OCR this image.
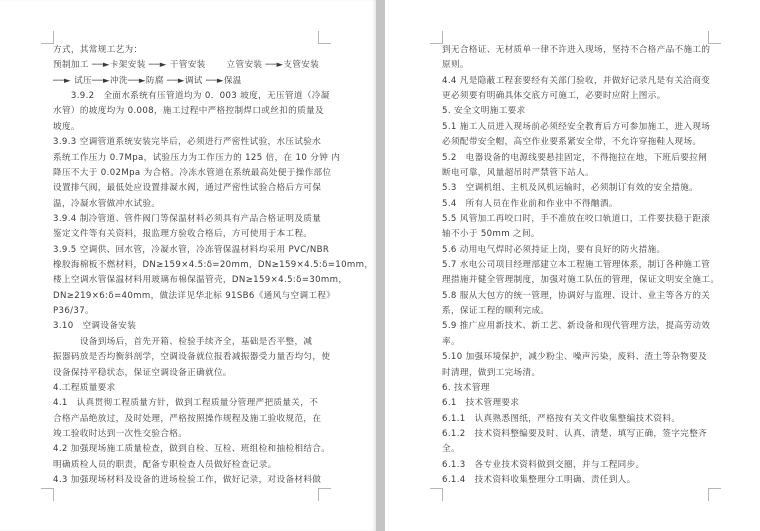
方式，其常规工艺为：
预制加工 ──►卡架安装 ──► 干管安装　　 立管安装 ──►支管安装
──► 试压──►冲洗──►防腐 ──►调试 ──►保温
　　3.9.2　全面水系统有压管道均为 0．003 坡度，无压管道（冷凝
水管）的坡度均为 0.008，施工过程中严格控制焊口或丝扣的质量及
坡度。
3.9.3 空调管道系统安装完毕后，必须进行严密性试验，水压试验水
系统工作压力 0.7Mpa，试验压力为工作压力的 125 倍，在 10 分钟 内
降压不大于 0.02Mpa 为合格。冷冻水管道在系统最高处便于操作部位
设置排气阀，最低处应设置排凝水阀，通过严密性试验合格后方可保
温，冷凝水管做冲水试验。
3.9.4 制冷管道、管件阀门等保温材料必须具有产品合格证明及质量
鉴定文件等有关资料，报监理方验收合格后，方可使用于本工程。
3.9.5 空调供、回水管，冷凝水管，冷冻管保温材料均采用 PVC/NBR
橡胶海棉板不燃材料，DN≥159×4.5:δ=20mm，DN≥159×4.5:δ=10mm，
楼上空调水管保温材料用玻璃布棉保温管壳，DN≥159×4.5:δ=30mm，
DN≥219×6:δ=40mm，做法详见华北标 91SB6《通风与空调工程》
P36/37。
3.10　空调设备安装
　　　设备到场后，首先开箱、检验手续齐全，基础是否平整，减
振器码放是否均衡斜剖学，空调设备就位报看减振器受力量否均匀，使
设备保持平稳状态，保证空调设备正确就位。
4.工程质量要求
4.1　认真贯彻工程质量方针，做到工程质量分管理严把质量关，不
合格产品绝放过，及时处理，严格按照操作规程及施工验收规范，在
竣工验收时达到一次性交验合格。
4.2 加强现场施工质量检查，做到自检、互检、班组检和抽检相结合。
明确质检人员的职责，配备专职检查人员做好检查记录。
4.3 加强现场材料及设备的进场检验工作，做好记录，对设备材料做
到无合格证、无材质单一律不许进入现场，坚持不合格产品不施工的
原则。
4.4 凡是隐蔽工程套要经有关部门验收，并做好记录凡是有关洽商变
更必须要有明确具体交底方可施工，必要时应附上图示。
5. 安全文明施工要求
5.1 施工人员进入现场前必须经安全教育后方可参加施工，进入现场
必须配带安全帽，高空作业要系紧安全带，不允许穿拖鞋人现场。
5.2　电器设备的电源线要悬挂固定，不得拖拉在地，下班后要拉闸
断电可靠，风量超吊时严禁管下站人。
5.3　空调机组、主机及风机运输时，必须制订有效的安全措施。
5.4　所有人员在作业前和作业中不得酗酒。
5.5 风管加工再咬口时，手不准放在咬口轨道口，工件要扶稳于距滚
轴不小于 50mm 之间。
5.6 动用电气焊时必须持证上岗，要有良好的防火措施。
5.7 水电公司项目经理部建立本工程施工管理体系，制订各种施工管
理措施并健全管理制度，加强对施工队伍的管理，保证文明安全施工。
5.8 服从大包方的统一管理，协调好与监理、设计、业主等各方的关
系，保证工程的顺利完成。
5.9 推广应用新技术、新工艺、新设备和现代管理方法，提高劳动效
率。
5.10 加强环境保护，减少粉尘、噪声污染，废料、渣土等杂物要及
时清理，做到工完场清。
6. 技术管理
6.1　技术管理要求
6.1.1　认真熟悉图纸，严格按有关文件收集整编技术资料。
6.1.2　技术资料整编要及时、认真、清楚、填写正确，签字完整齐
全。
6.1.3　各专业技术资料做到交圈，并与工程同步。
6.1.4　技术资料收集整理分工明确、责任到人。
